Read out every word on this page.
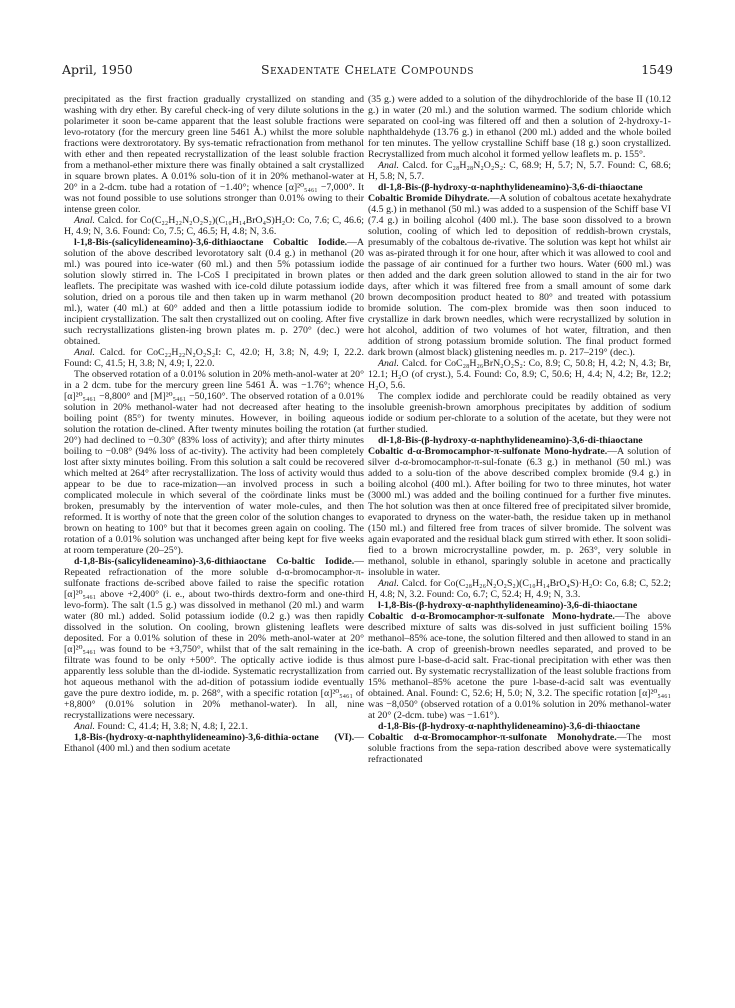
April, 1950	Sexadentate Chelate Compounds	1549

precipitated as the first fraction gradually crystallized on standing and washing with dry ether. By careful check-ing of very dilute solutions in the polarimeter it soon be-came apparent that the least soluble fractions were levo-rotatory (for the mercury green line 5461 Å.) whilst the more soluble fractions were dextrorotatory. By sys-tematic refractionation from methanol with ether and then repeated recrystallization of the least soluble fraction from a methanol-ether mixture there was finally obtained a salt crystallized in square brown plates. A 0.01% solu-tion of it in 20% methanol-water at 20° in a 2-dcm. tube had a rotation of −1.40°; whence [α]²⁰₅₄₆₁ −7,000°. It was not found possible to use solutions stronger than 0.01% owing to their intense green color.

Anal. Calcd. for Co(C₂₂H₂₂N₂O₂S₂)(C₁₀H₁₄BrO₄S)H₂O: Co, 7.6; C, 46.6; H, 4.9; N, 3.6. Found: Co, 7.5; C, 46.5; H, 4.8; N, 3.6.

l-1,8-Bis-(salicylideneamino)-3,6-dithiaoctane Cobaltic Iodide.—A solution of the above described levorotatory salt (0.4 g.) in methanol (20 ml.) was poured into ice-water (60 ml.) and then 5% potassium iodide solution slowly stirred in. The l-CoS I precipitated in brown plates or leaflets. The precipitate was washed with ice-cold dilute potassium iodide solution, dried on a porous tile and then taken up in warm methanol (20 ml.), water (40 ml.) at 60° added and then a little potassium iodide to incipient crystallization. The salt then crystallized out on cooling. After five such recrystallizations glisten-ing brown plates m. p. 270° (dec.) were obtained.

Anal. Calcd. for CoC₂₂H₂₂N₂O₂S₂I: C, 42.0; H, 3.8; N, 4.9; I, 22.2. Found: C, 41.5; H, 3.8; N, 4.9; I, 22.0.

The observed rotation of a 0.01% solution in 20% meth-anol-water at 20° in a 2 dcm. tube for the mercury green line 5461 Å. was −1.76°; whence [α]²⁰₅₄₆₁ −8,800° and [M]²⁰₅₄₆₁ −50,160°. The observed rotation of a 0.01% solution in 20% methanol-water had not decreased after heating to the boiling point (85°) for twenty minutes. However, in boiling aqueous solution the rotation de-clined. After twenty minutes boiling the rotation (at 20°) had declined to −0.30° (83% loss of activity); and after thirty minutes boiling to −0.08° (94% loss of ac-tivity). The activity had been completely lost after sixty minutes boiling. From this solution a salt could be recovered which melted at 264° after recrystallization. The loss of activity would thus appear to be due to race-mization—an involved process in such a complicated molecule in which several of the coördinate links must be broken, presumably by the intervention of water mole-cules, and then reformed. It is worthy of note that the green color of the solution changes to brown on heating to 100° but that it becomes green again on cooling. The rotation of a 0.01% solution was unchanged after being kept for five weeks at room temperature (20–25°).

d-1,8-Bis-(salicylideneamino)-3,6-dithiaoctane Co-baltic Iodide.—Repeated refractionation of the more soluble d-α-bromocamphor-π-sulfonate fractions de-scribed above failed to raise the specific rotation [α]²⁰₅₄₆₁ above +2,400° (i. e., about two-thirds dextro-form and one-third levo-form). The salt (1.5 g.) was dissolved in methanol (20 ml.) and warm water (80 ml.) added. Solid potassium iodide (0.2 g.) was then rapidly dissolved in the solution. On cooling, brown glistening leaflets were deposited. For a 0.01% solution of these in 20% meth-anol-water at 20° [α]²⁰₅₄₆₁ was found to be +3,750°, whilst that of the salt remaining in the filtrate was found to be only +500°. The optically active iodide is thus apparently less soluble than the dl-iodide. Systematic recrystallization from hot aqueous methanol with the ad-dition of potassium iodide eventually gave the pure dextro iodide, m. p. 268°, with a specific rotation [α]²⁰₅₄₆₁ of +8,800° (0.01% solution in 20% methanol-water). In all, nine recrystallizations were necessary.

Anal. Found: C, 41.4; H, 3.8; N, 4.8; I, 22.1.

1,8-Bis-(hydroxy-α-naphthylideneamino)-3,6-dithia-octane (VI).—Ethanol (400 ml.) and then sodium acetate

(35 g.) were added to a solution of the dihydrochloride of the base II (10.12 g.) in water (20 ml.) and the solution warmed. The sodium chloride which separated on cool-ing was filtered off and then a solution of 2-hydroxy-1-naphthaldehyde (13.76 g.) in ethanol (200 ml.) added and the whole boiled for ten minutes. The yellow crystalline Schiff base (18 g.) soon crystallized. Recrystallized from much alcohol it formed yellow leaflets m. p. 155°.

Anal. Calcd. for C₂₈H₂₈N₂O₂S₂: C, 68.9; H, 5.7; N, 5.7. Found: C, 68.6; H, 5.8; N, 5.7.

dl-1,8-Bis-(β-hydroxy-α-naphthylideneamino)-3,6-di-thiaoctane Cobaltic Bromide Dihydrate.—A solution of cobaltous acetate hexahydrate (4.5 g.) in methanol (50 ml.) was added to a suspension of the Schiff base VI (7.4 g.) in boiling alcohol (400 ml.). The base soon dissolved to a brown solution, cooling of which led to deposition of reddish-brown crystals, presumably of the cobaltous de-rivative. The solution was kept hot whilst air was as-pirated through it for one hour, after which it was allowed to cool and the passage of air continued for a further two hours. Water (600 ml.) was then added and the dark green solution allowed to stand in the air for two days, after which it was filtered free from a small amount of some dark brown decomposition product heated to 80° and treated with potassium bromide solution. The com-plex bromide was then soon induced to crystallize in dark brown needles, which were recrystallized by solution in hot alcohol, addition of two volumes of hot water, filtration, and then addition of strong potassium bromide solution. The final product formed dark brown (almost black) glistening needles m. p. 217–219° (dec.).

Anal. Calcd. for CoC₂₈H₂₆BrN₂O₂S₂: Co, 8.9; C, 50.8; H, 4.2; N, 4.3; Br, 12.1; H₂O (of cryst.), 5.4. Found: Co, 8.9; C, 50.6; H, 4.4; N, 4.2; Br, 12.2; H₂O, 5.6.

The complex iodide and perchlorate could be readily obtained as very insoluble greenish-brown amorphous precipitates by addition of sodium iodide or sodium per-chlorate to a solution of the acetate, but they were not further studied.

dl-1,8-Bis-(β-hydroxy-α-naphthylideneamino)-3,6-di-thiaoctane Cobaltic d-α-Bromocamphor-π-sulfonate Mono-hydrate.—A solution of silver d-α-bromocamphor-π-sul-fonate (6.3 g.) in methanol (50 ml.) was added to a solu-tion of the above described complex bromide (9.4 g.) in boiling alcohol (400 ml.). After boiling for two to three minutes, hot water (3000 ml.) was added and the boiling continued for a further five minutes. The hot solution was then at once filtered free of precipitated silver bromide, evaporated to dryness on the water-bath, the residue taken up in methanol (150 ml.) and filtered free from traces of silver bromide. The solvent was again evaporated and the residual black gum stirred with ether. It soon solidi-fied to a brown microcrystalline powder, m. p. 263°, very soluble in methanol, soluble in ethanol, sparingly soluble in acetone and practically insoluble in water.

Anal. Calcd. for Co(C₂₈H₂₆N₂O₂S₂)(C₁₀H₁₄BrO₄S)·H₂O: Co, 6.8; C, 52.2; H, 4.8; N, 3.2. Found: Co, 6.7; C, 52.4; H, 4.9; N, 3.3.

l-1,8-Bis-(β-hydroxy-α-naphthylideneamino)-3,6-di-thiaoctane Cobaltic d-α-Bromocamphor-π-sulfonate Mono-hydrate.—The above described mixture of salts was dis-solved in just sufficient boiling 15% methanol–85% ace-tone, the solution filtered and then allowed to stand in an ice-bath. A crop of greenish-brown needles separated, and proved to be almost pure l-base-d-acid salt. Frac-tional precipitation with ether was then carried out. By systematic recrystallization of the least soluble fractions from 15% methanol–85% acetone the pure l-base-d-acid salt was eventually obtained. Anal. Found: C, 52.6; H, 5.0; N, 3.2. The specific rotation [α]²⁰₅₄₆₁ was −8,050° (observed rotation of a 0.01% solution in 20% methanol-water at 20° (2-dcm. tube) was −1.61°).

d-1,8-Bis-(β-hydroxy-α-naphthylideneamino)-3,6-di-thiaoctane Cobaltic d-α-Bromocamphor-π-sulfonate Monohydrate.—The most soluble fractions from the sepa-ration described above were systematically refractionated
